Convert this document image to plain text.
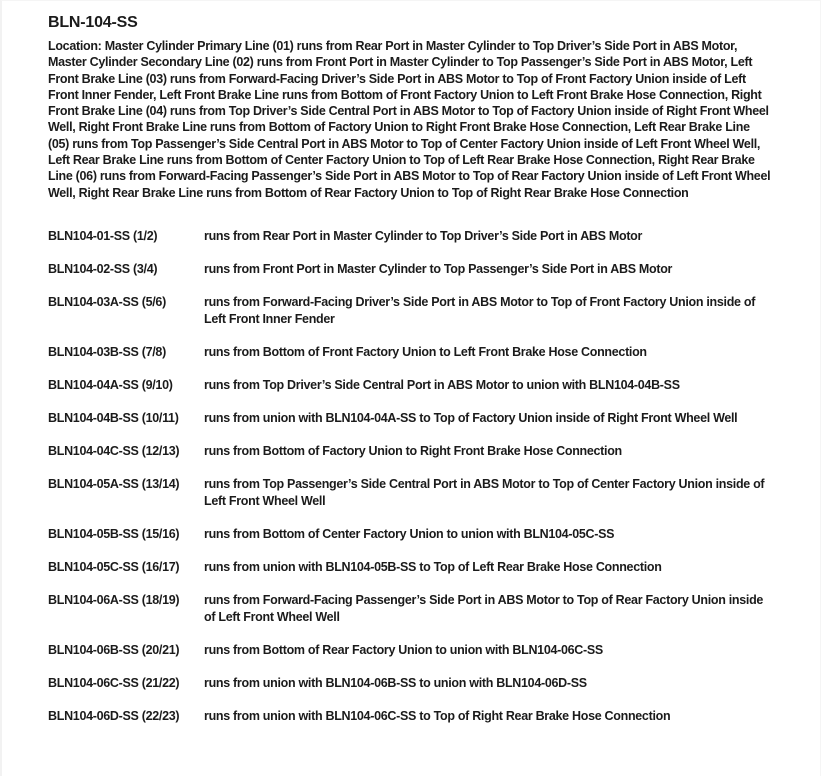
BLN-104-SS

Location: Master Cylinder Primary Line (01) runs from Rear Port in Master Cylinder to Top Driver’s Side Port in ABS Motor, Master Cylinder Secondary Line (02) runs from Front Port in Master Cylinder to Top Passenger’s Side Port in ABS Motor, Left Front Brake Line (03) runs from Forward-Facing Driver’s Side Port in ABS Motor to Top of Front Factory Union inside of Left Front Inner Fender, Left Front Brake Line runs from Bottom of Front Factory Union to Left Front Brake Hose Connection, Right Front Brake Line (04) runs from Top Driver’s Side Central Port in ABS Motor to Top of Factory Union inside of Right Front Wheel Well, Right Front Brake Line runs from Bottom of Factory Union to Right Front Brake Hose Connection, Left Rear Brake Line (05) runs from Top Passenger’s Side Central Port in ABS Motor to Top of Center Factory Union inside of Left Front Wheel Well, Left Rear Brake Line runs from Bottom of Center Factory Union to Top of Left Rear Brake Hose Connection, Right Rear Brake Line (06) runs from Forward-Facing Passenger’s Side Port in ABS Motor to Top of Rear Factory Union inside of Left Front Wheel Well, Right Rear Brake Line runs from Bottom of Rear Factory Union to Top of Right Rear Brake Hose Connection

BLN104-01-SS (1/2)	runs from Rear Port in Master Cylinder to Top Driver’s Side Port in ABS Motor
BLN104-02-SS (3/4)	runs from Front Port in Master Cylinder to Top Passenger’s Side Port in ABS Motor
BLN104-03A-SS (5/6)	runs from Forward-Facing Driver’s Side Port in ABS Motor to Top of Front Factory Union inside of Left Front Inner Fender
BLN104-03B-SS (7/8)	runs from Bottom of Front Factory Union to Left Front Brake Hose Connection
BLN104-04A-SS (9/10)	runs from Top Driver’s Side Central Port in ABS Motor to union with BLN104-04B-SS
BLN104-04B-SS (10/11)	runs from union with BLN104-04A-SS to Top of Factory Union inside of Right Front Wheel Well
BLN104-04C-SS (12/13)	runs from Bottom of Factory Union to Right Front Brake Hose Connection
BLN104-05A-SS (13/14)	runs from Top Passenger’s Side Central Port in ABS Motor to Top of Center Factory Union inside of Left Front Wheel Well
BLN104-05B-SS (15/16)	runs from Bottom of Center Factory Union to union with BLN104-05C-SS
BLN104-05C-SS (16/17)	runs from union with BLN104-05B-SS to Top of Left Rear Brake Hose Connection
BLN104-06A-SS (18/19)	runs from Forward-Facing Passenger’s Side Port in ABS Motor to Top of Rear Factory Union inside of Left Front Wheel Well
BLN104-06B-SS (20/21)	runs from Bottom of Rear Factory Union to union with BLN104-06C-SS
BLN104-06C-SS (21/22)	runs from union with BLN104-06B-SS to union with BLN104-06D-SS
BLN104-06D-SS (22/23)	runs from union with BLN104-06C-SS to Top of Right Rear Brake Hose Connection
